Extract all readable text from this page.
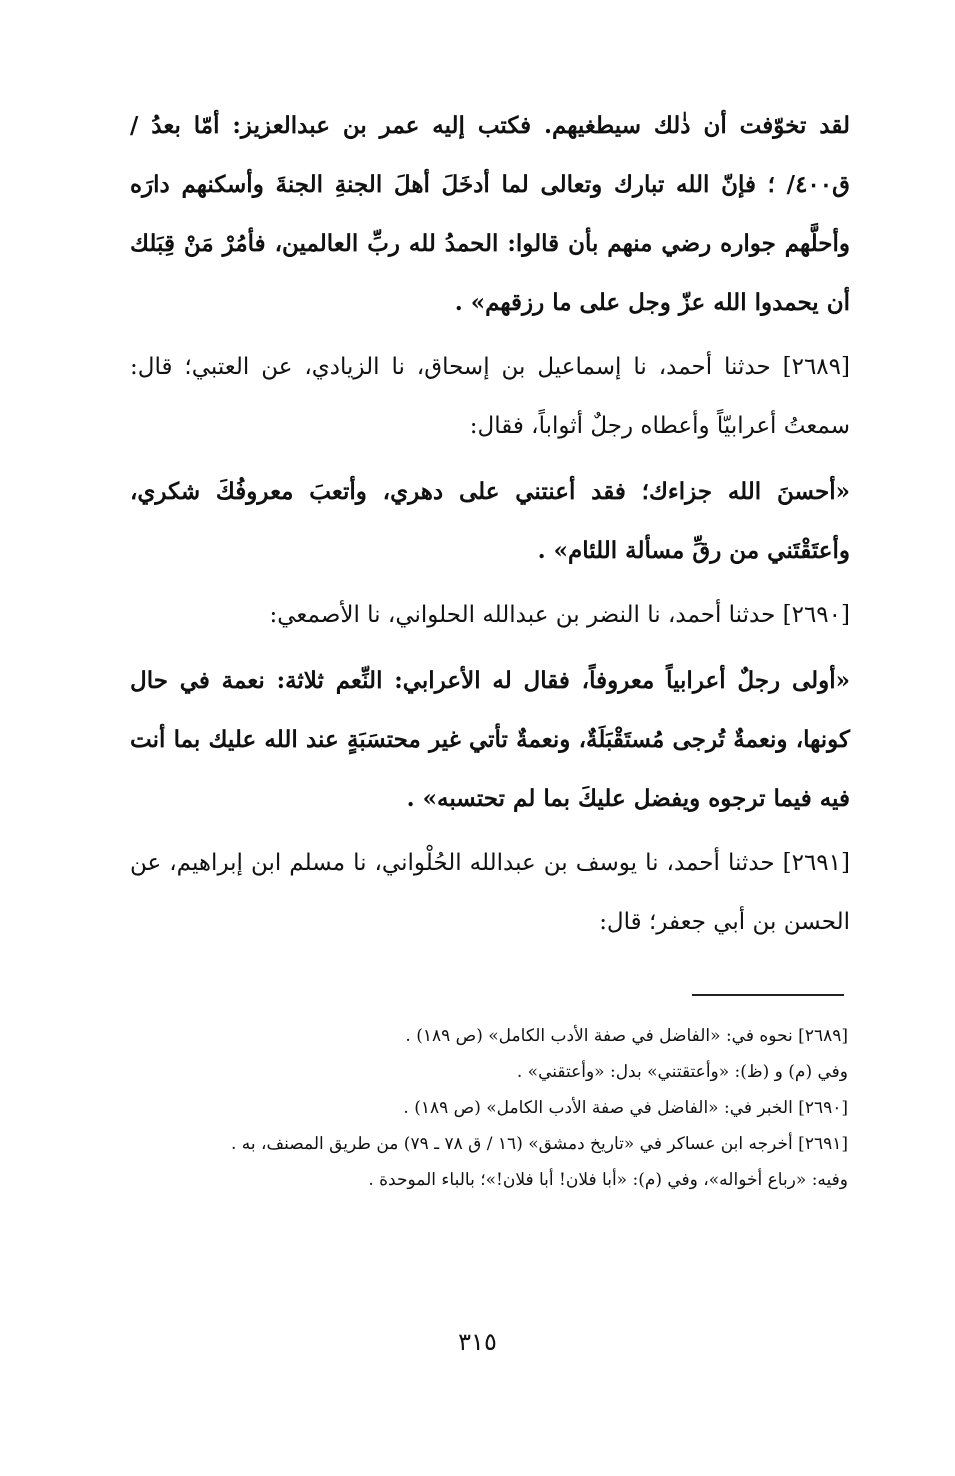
لقد تخوّفت أن ذٰلك سيطغيهم. فكتب إليه عمر بن عبدالعزيز: أمّا بعدُ / ق٤٠٠/ ؛ فإنّ الله تبارك وتعالى لما أدخَلَ أهلَ الجنةِ الجنةَ وأسكنهم دارَه وأحلَّهم جواره رضي منهم بأن قالوا: الحمدُ لله ربِّ العالمين، فأمُرْ مَنْ قِبَلك أن يحمدوا الله عزّ وجل على ما رزقهم» .

[٢٦٨٩] حدثنا أحمد، نا إسماعيل بن إسحاق، نا الزيادي، عن العتبي؛ قال: سمعتُ أعرابيّاً وأعطاه رجلٌ أثواباً، فقال:

«أحسنَ الله جزاءك؛ فقد أعنتني على دهري، وأتعبَ معروفُكَ شكري، وأعتَقْتَني من رقِّ مسألة اللئام» .

[٢٦٩٠] حدثنا أحمد، نا النضر بن عبدالله الحلواني، نا الأصمعي:

«أولى رجلٌ أعرابياً معروفاً، فقال له الأعرابي: النِّعم ثلاثة: نعمة في حال كونها، ونعمةٌ تُرجى مُستَقْبَلَةٌ، ونعمةٌ تأتي غير محتسَبَةٍ عند الله عليك بما أنت فيه فيما ترجوه ويفضل عليكَ بما لم تحتسبه» .

[٢٦٩١] حدثنا أحمد، نا يوسف بن عبدالله الحُلْواني، نا مسلم ابن إبراهيم، عن الحسن بن أبي جعفر؛ قال:

[٢٦٨٩] نحوه في: «الفاضل في صفة الأدب الكامل» (ص ١٨٩) .

وفي (م) و (ظ): «وأعتقتني» بدل: «وأعتقني» .

[٢٦٩٠] الخبر في: «الفاضل في صفة الأدب الكامل» (ص ١٨٩) .

[٢٦٩١] أخرجه ابن عساكر في «تاريخ دمشق» (١٦ / ق ٧٨ ـ ٧٩) من طريق المصنف، به .

وفيه: «رباع أخواله»، وفي (م): «أبا فلان! أبا فلان!»؛ بالباء الموحدة .

٣١٥
